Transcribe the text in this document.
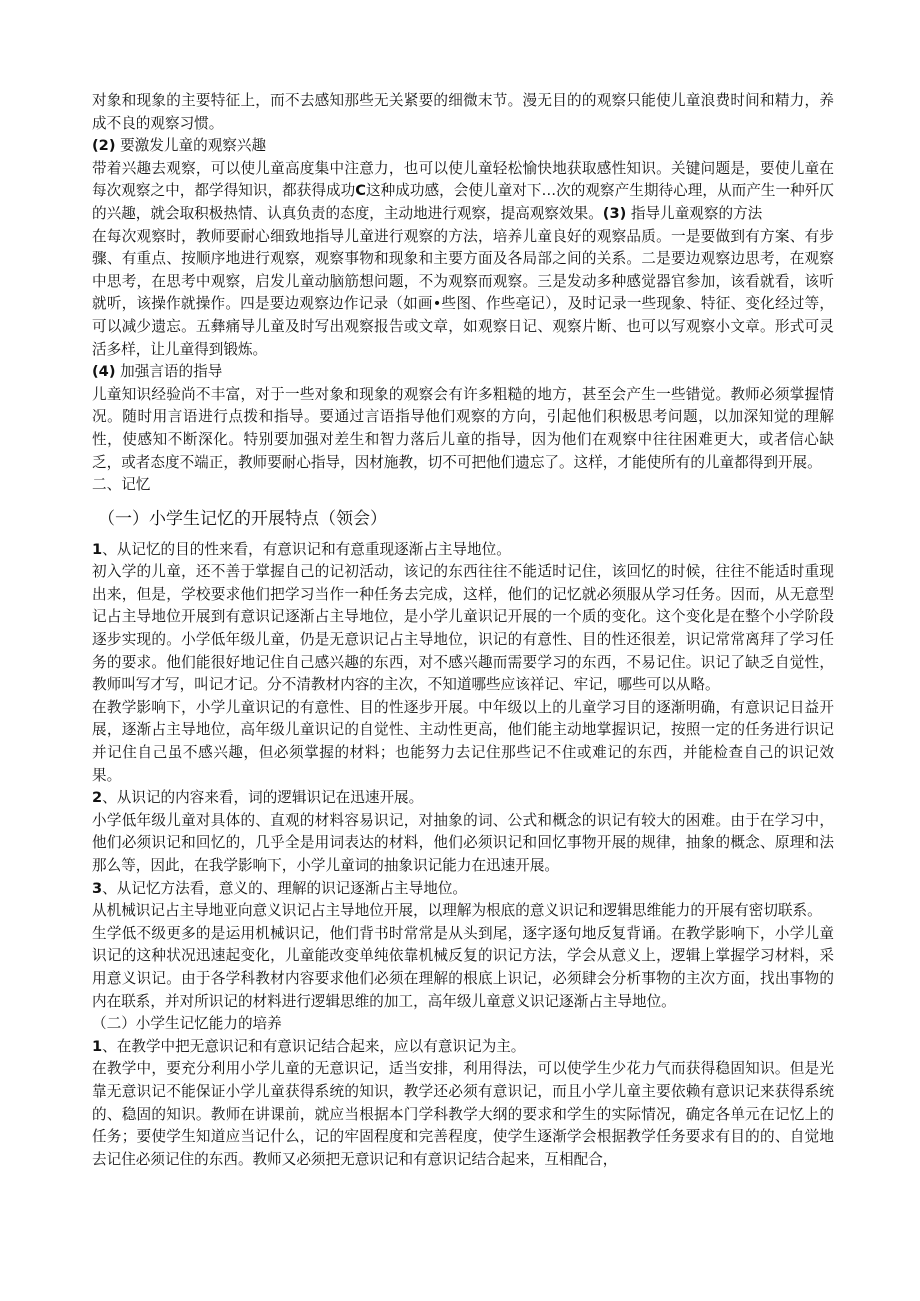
对象和现象的主要特征上，而不去感知那些无关紧要的细微末节。漫无目的的观察只能使儿童浪费时间和精力，养成不良的观察习惯。

(2) 要激发儿童的观察兴趣

带着兴趣去观察，可以使儿童高度集中注意力，也可以使儿童轻松愉快地获取感性知识。关键问题是，要使儿童在每次观察之中，都学得知识，都获得成功C这种成功感，会使儿童对下…次的观察产生期待心理，从而产生一种歼仄的兴趣，就会取积极热情、认真负责的态度，主动地进行观察，提高观察效果。(3) 指导儿童观察的方法

在每次观察时，教师要耐心细致地指导儿童进行观察的方法，培养儿童良好的观察品质。一是要做到有方案、有步骤、有重点、按顺序地进行观察，观察事物和现象和主要方面及各局部之间的关系。二是要边观察边思考，在观察中思考，在思考中观察，启发儿童动脑筋想问题，不为观察而观察。三是发动多种感觉器官参加，该看就看，该听就听，该操作就操作。四是要边观察边作记录（如画•些图、作些亳记），及时记录一些现象、特征、变化经过等，可以减少遗忘。五彝痛导儿童及时写出观察报告或文章，如观察日记、观察片断、也可以写观察小文章。形式可灵活多样，让儿童得到锻炼。

(4) 加强言语的指导

儿童知识经验尚不丰富，对于一些对象和现象的观察会有许多粗糙的地方，甚至会产生一些错觉。教师必须掌握情况。随时用言语进行点拨和指导。要通过言语指导他们观察的方向，引起他们积极思考问题，以加深知觉的理解性，使感知不断深化。特别要加强对差生和智力落后儿童的指导，因为他们在观察中往往困难更大，或者信心缺乏，或者态度不端正，教师要耐心指导，因材施教，切不可把他们遗忘了。这样，才能使所有的儿童都得到开展。

二、记忆

（一）小学生记忆的开展特点（领会）

1、从记忆的目的性来看，有意识记和有意重现逐渐占主导地位。

初入学的儿童，还不善于掌握自己的记初活动，该记的东西往往不能适时记住，该回忆的时候，往往不能适时重现出来，但是，学校要求他们把学习当作一种任务去完成，这样，他们的记忆就必须服从学习任务。因而，从无意型记占主导地位开展到有意识记逐渐占主导地位，是小学儿童识记开展的一个质的变化。这个变化是在整个小学阶段逐步实现的。小学低年级儿童，仍是无意识记占主导地位，识记的有意性、目的性还很差，识记常常离拜了学习任务的要求。他们能很好地记住自己感兴趣的东西，对不感兴趣而需要学习的东西，不易记住。识记了缺乏自觉性，教师叫写才写，叫记才记。分不清教材内容的主次，不知道哪些应该祥记、牢记，哪些可以从略。

在教学影响下，小学儿童识记的有意性、目的性逐步开展。中年级以上的儿童学习目的逐渐明确，有意识记日益开展，逐渐占主导地位，高年级儿童识记的自觉性、主动性更高，他们能主动地掌握识记，按照一定的任务进行识记并记住自己虽不感兴趣，但必须掌握的材料；也能努力去记住那些记不住或难记的东西，并能检查自己的识记效果。

2、从识记的内容来看，词的逻辑识记在迅速开展。

小学低年级儿童对具体的、直观的材料容易识记，对抽象的词、公式和概念的识记有较大的困难。由于在学习中，他们必须识记和回忆的，几乎全是用词表达的材料，他们必须识记和回忆事物开展的规律，抽象的概念、原理和法那么等，因此，在我学影响下，小学儿童词的抽象识记能力在迅速开展。

3、从记忆方法看，意义的、理解的识记逐渐占主导地位。

从机械识记占主导地亚向意义识记占主导地位开展，以理解为根底的意义识记和逻辑思维能力的开展有密切联系。

生学低不级更多的是运用机械识记，他们背书时常常是从头到尾，逐字逐句地反复背诵。在教学影响下，小学儿童识记的这种状况迅速起变化，儿童能改变单纯依靠机械反复的识记方法，学会从意义上，逻辑上掌握学习材料，采用意义识记。由于各学科教材内容要求他们必须在理解的根底上识记，必须肆会分析事物的主次方面，找出事物的内在联系，并对所识记的材料进行逻辑思维的加工，高年级儿童意义识记逐渐占主导地位。

（二）小学生记忆能力的培养

1、在教学中把无意识记和有意识记结合起来，应以有意识记为主。

在教学中，要充分利用小学儿童的无意识记，适当安排，利用得法，可以使学生少花力气而获得稳固知识。但是光靠无意识记不能保证小学儿童获得系统的知识，教学还必须有意识记，而且小学儿童主要依赖有意识记来获得系统的、稳固的知识。教师在讲课前，就应当根据本门学科教学大纲的要求和学生的实际情况，确定各单元在记忆上的任务；要使学生知道应当记什么，记的牢固程度和完善程度，使学生逐渐学会根据教学任务要求有目的的、自觉地去记住必须记住的东西。教师又必须把无意识记和有意识记结合起来，互相配合，
